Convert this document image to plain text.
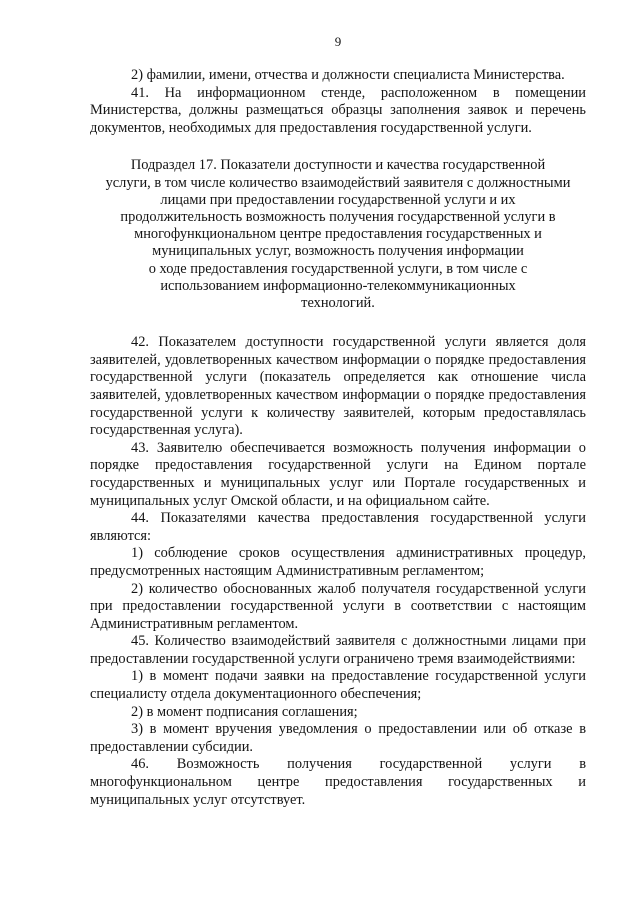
9

2) фамилии, имени, отчества и должности специалиста Министерства.

41. На информационном стенде, расположенном в помещении Министерства, должны размещаться образцы заполнения заявок и перечень документов, необходимых для предоставления государственной услуги.

Подраздел 17. Показатели доступности и качества государственной
услуги, в том числе количество взаимодействий заявителя с должностными
лицами при предоставлении государственной услуги и их
продолжительность возможность получения государственной услуги в
многофункциональном центре предоставления государственных и
муниципальных услуг, возможность получения информации
о ходе предоставления государственной услуги, в том числе с
использованием информационно-телекоммуникационных
технологий.

42. Показателем доступности государственной услуги является доля заявителей, удовлетворенных качеством информации о порядке предоставления государственной услуги (показатель определяется как отношение числа заявителей, удовлетворенных качеством информации о порядке предоставления государственной услуги к количеству заявителей, которым предоставлялась государственная услуга).

43. Заявителю обеспечивается возможность получения информации о порядке предоставления государственной услуги на Едином портале государственных и муниципальных услуг или Портале государственных и муниципальных услуг Омской области, и на официальном сайте.

44. Показателями качества предоставления государственной услуги являются:

1) соблюдение сроков осуществления административных процедур, предусмотренных настоящим Административным регламентом;

2) количество обоснованных жалоб получателя государственной услуги при предоставлении государственной услуги в соответствии с настоящим Административным регламентом.

45. Количество взаимодействий заявителя с должностными лицами при предоставлении государственной услуги ограничено тремя взаимодействиями:

1) в момент подачи заявки на предоставление государственной услуги специалисту отдела документационного обеспечения;

2) в момент подписания соглашения;

3) в момент вручения уведомления о предоставлении или об отказе в предоставлении субсидии.

46. Возможность получения государственной услуги в многофункциональном центре предоставления государственных и муниципальных услуг отсутствует.
